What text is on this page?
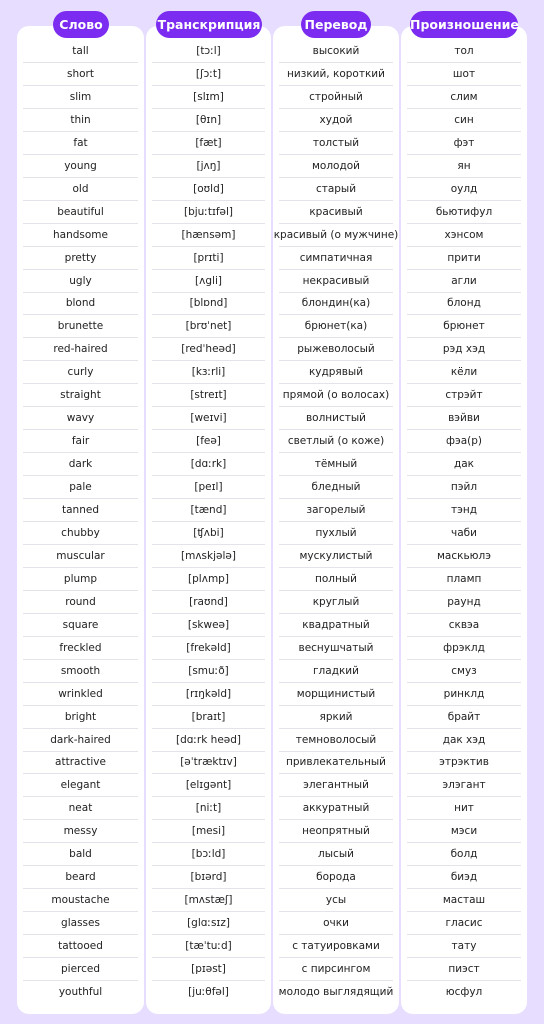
Слово	Транскрипция	Перевод	Произношение
tall	[tɔːl]	высокий	тол
short	[ʃɔːt]	низкий, короткий	шот
slim	[slɪm]	стройный	слим
thin	[θɪn]	худой	син
fat	[fæt]	толстый	фэт
young	[jʌŋ]	молодой	ян
old	[oʊld]	старый	оулд
beautiful	[bjuːtɪfəl]	красивый	бьютифул
handsome	[hænsəm]	красивый (о мужчине)	хэнсом
pretty	[prɪti]	симпатичная	прити
ugly	[ʌgli]	некрасивый	агли
blond	[blɒnd]	блондин(ка)	блонд
brunette	[brʊˈnet]	брюнет(ка)	брюнет
red-haired	[redˈheəd]	рыжеволосый	рэд хэд
curly	[kɜːrli]	кудрявый	кёли
straight	[streɪt]	прямой (о волосах)	стрэйт
wavy	[weɪvi]	волнистый	вэйви
fair	[feə]	светлый (о коже)	фэа(р)
dark	[dɑːrk]	тёмный	дак
pale	[peɪl]	бледный	пэйл
tanned	[tænd]	загорелый	тэнд
chubby	[ʧʌbi]	пухлый	чаби
muscular	[mʌskjələ]	мускулистый	маскьюлэ
plump	[plʌmp]	полный	пламп
round	[raʊnd]	круглый	раунд
square	[skweə]	квадратный	сквэа
freckled	[frekəld]	веснушчатый	фрэклд
smooth	[smuːð]	гладкий	смуз
wrinkled	[rɪŋkəld]	морщинистый	ринклд
bright	[braɪt]	яркий	брайт
dark-haired	[dɑːrk heəd]	темноволосый	дак хэд
attractive	[əˈtræktɪv]	привлекательный	этрэктив
elegant	[elɪgənt]	элегантный	элэгант
neat	[niːt]	аккуратный	нит
messy	[mesi]	неопрятный	мэси
bald	[bɔːld]	лысый	болд
beard	[bɪərd]	борода	биэд
moustache	[mʌstæʃ]	усы	масташ
glasses	[glɑːsɪz]	очки	гласис
tattooed	[tæˈtuːd]	с татуировками	тату
pierced	[pɪəst]	с пирсингом	пиэст
youthful	[juːθfəl]	молодо выглядящий	юсфул
